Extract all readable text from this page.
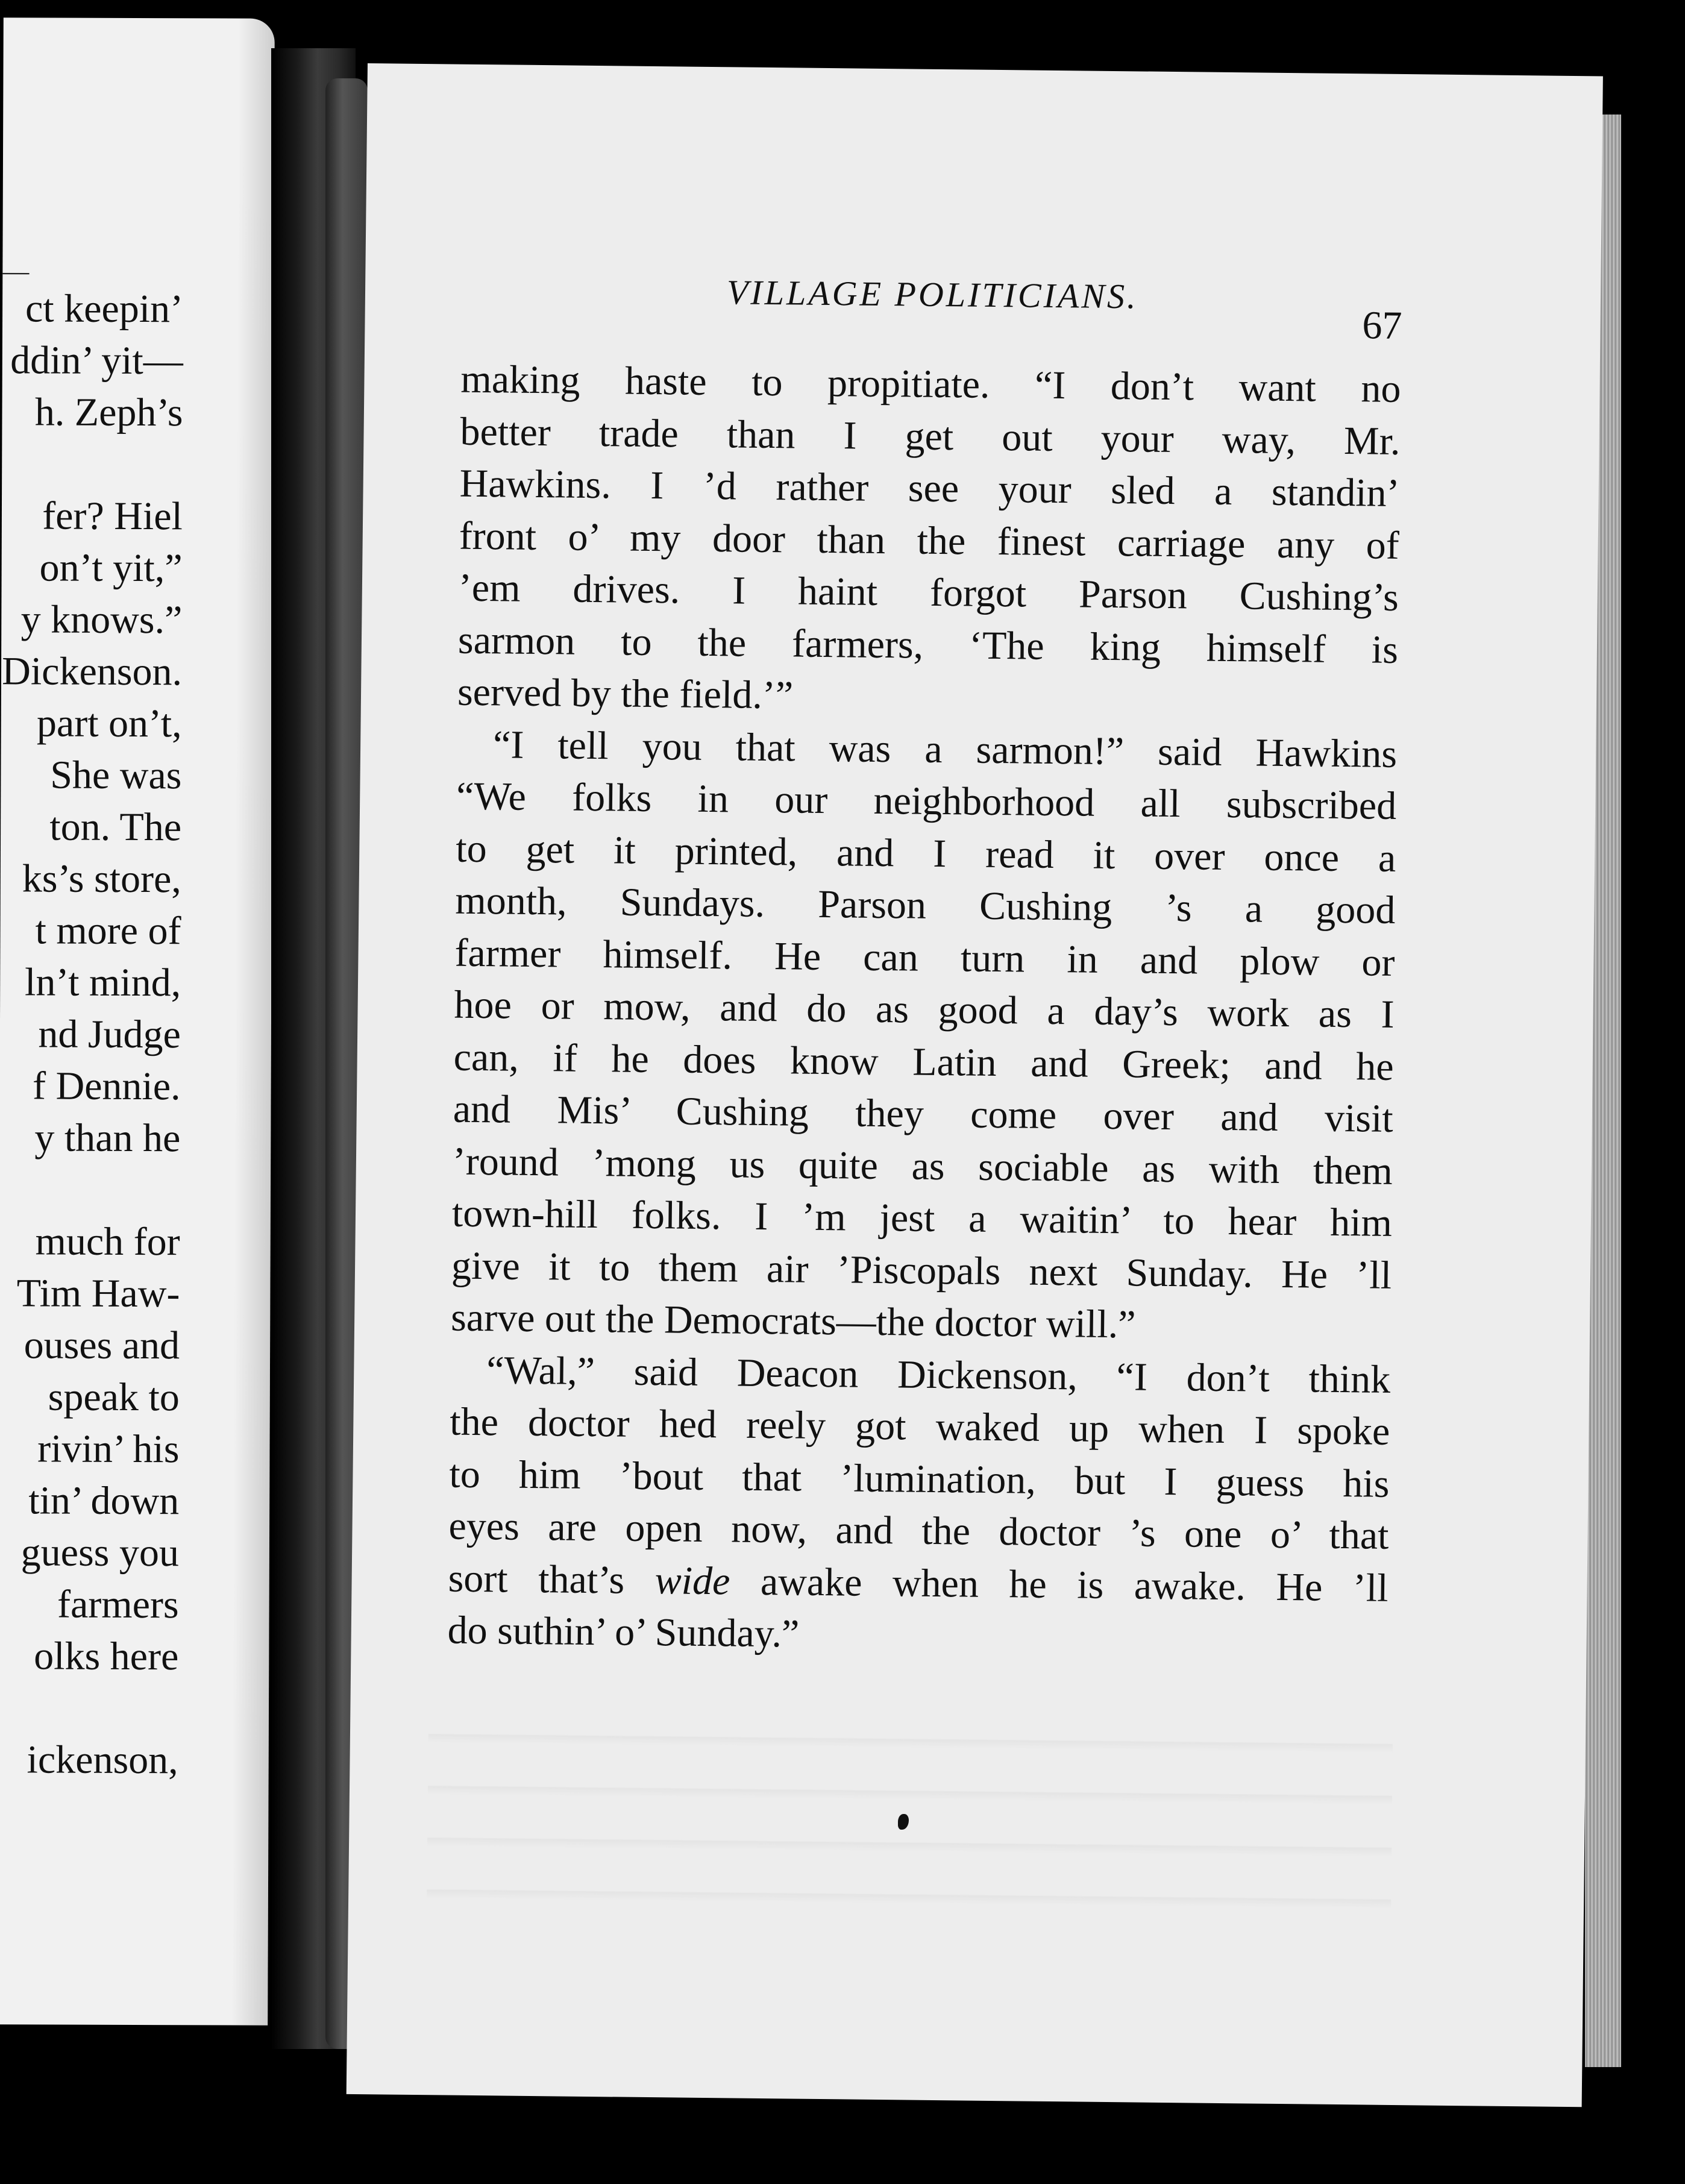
—
ct keepin’
ddin’ yit—
h. Zeph’s
fer? Hiel
on’t yit,”
y knows.”
Dickenson.
part on’t,
She was
ton. The
ks’s store,
t more of
ln’t mind,
nd Judge
f Dennie.
y than he
much for
Tim Haw-
ouses and
speak to
rivin’ his
tin’ down
guess you
farmers
olks here
ickenson,
VILLAGE POLITICIANS.
67
making haste to propitiate. “I don’t want no
better trade than I get out your way, Mr.
Hawkins. I ’d rather see your sled a standin’
front o’ my door than the finest carriage any of
’em drives. I haint forgot Parson Cushing’s
sarmon to the farmers, ‘The king himself is
served by the field.’”
“I tell you that was a sarmon!” said Hawkins
“We folks in our neighborhood all subscribed
to get it printed, and I read it over once a
month, Sundays. Parson Cushing ’s a good
farmer himself. He can turn in and plow or
hoe or mow, and do as good a day’s work as I
can, if he does know Latin and Greek; and he
and Mis’ Cushing they come over and visit
’round ’mong us quite as sociable as with them
town-hill folks. I ’m jest a waitin’ to hear him
give it to them air ’Piscopals next Sunday. He ’ll
sarve out the Democrats—the doctor will.”
“Wal,” said Deacon Dickenson, “I don’t think
the doctor hed reely got waked up when I spoke
to him ’bout that ’lumination, but I guess his
eyes are open now, and the doctor ’s one o’ that
sort that’s wide awake when he is awake. He ’ll
do suthin’ o’ Sunday.”
